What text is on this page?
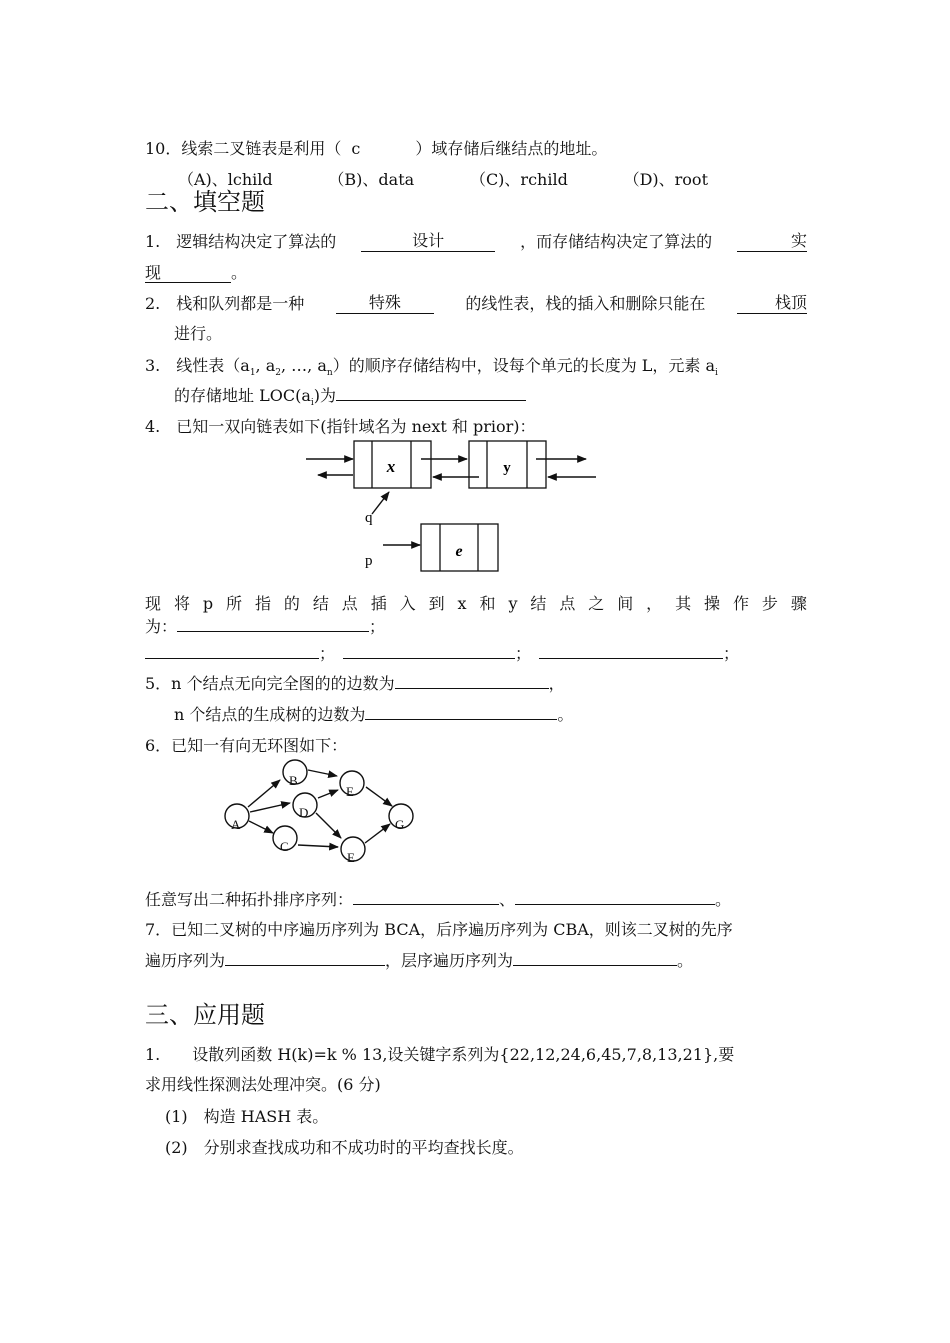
10．线索二叉链表是利用（ c	）域存储后继结点的地址。
（A)、lchild	（B)、data	（C)、rchild	（D)、root
二、填空题
1.　逻辑结构决定了算法的	设计	，而存储结构决定了算法的	实
现	。
2.　栈和队列都是一种	特殊	的线性表，栈的插入和删除只能在	栈顶
进行。
3.　线性表（$a_1$, $a_2$, …, $a_n$）的顺序存储结构中，设每个单元的长度为 L，元素 $a_i$
的存储地址 $LOC(a_i)$为
4.　已知一双向链表如下(指针域名为 next 和 prior)：
x	y
e
q
p
现 将 p 所 指 的 结 点 插 入 到 x 和 y 结 点 之 间 ， 其 操 作 步 骤
为：	；
；	；	；
5．n 个结点无向完全图的的边数为	，
n 个结点的生成树的边数为	。
6．已知一有向无环图如下：
A
B
C
D
E
E
G
任意写出二种拓扑排序序列：	、	。
7．已知二叉树的中序遍历序列为 BCA，后序遍历序列为 CBA，则该二叉树的先序
遍历序列为	，层序遍历序列为	。
三、应用题
1.　　设散列函数 H(k)=k % 13,设关键字系列为{22,12,24,6,45,7,8,13,21},要
求用线性探测法处理冲突。(6 分)
(1)　构造 HASH 表。
(2)　分别求查找成功和不成功时的平均查找长度。
